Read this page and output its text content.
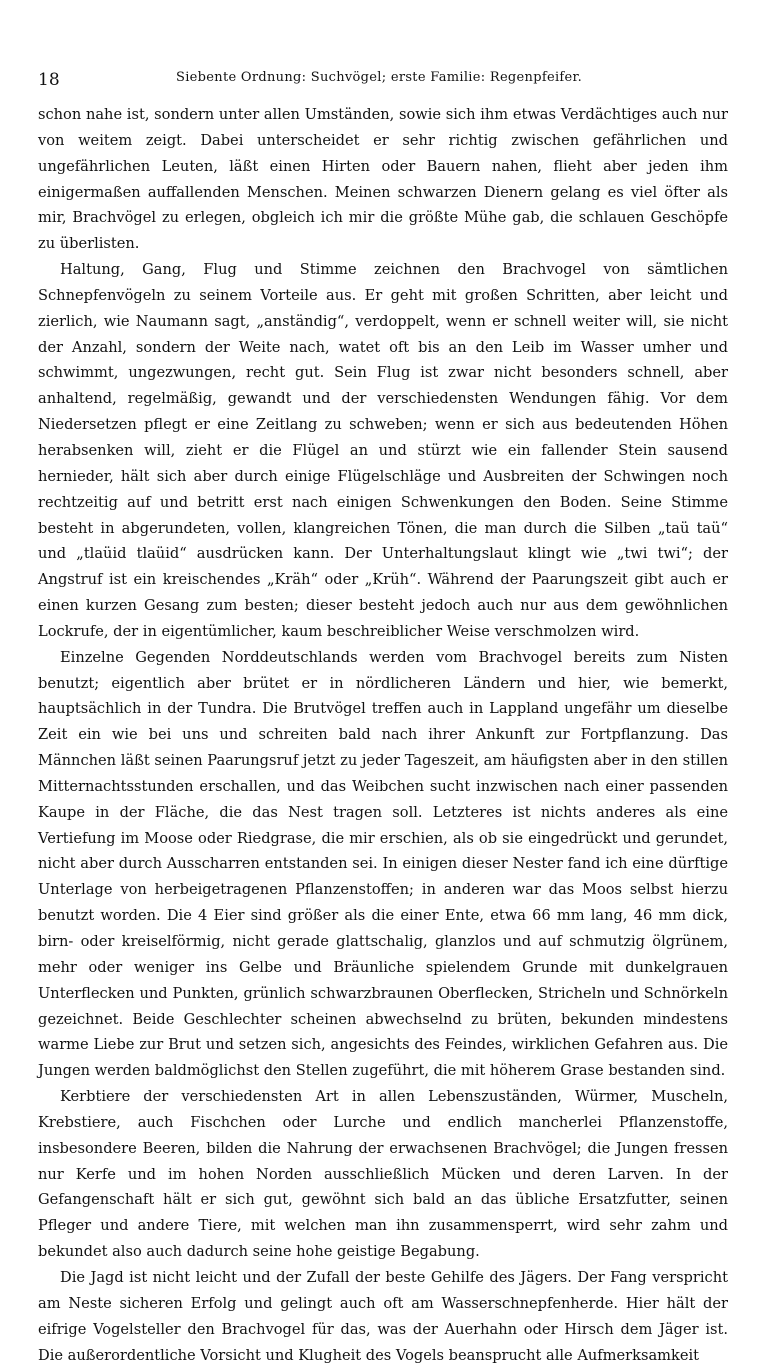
18	Siebente Ordnung: Suchvögel; erste Familie: Regenpfeifer.

schon nahe ist, sondern unter allen Umständen, sowie sich ihm etwas Verdächtiges auch nur von weitem zeigt. Dabei unterscheidet er sehr richtig zwischen gefährlichen und ungefährlichen Leuten, läßt einen Hirten oder Bauern nahen, flieht aber jeden ihm einigermaßen auffallenden Menschen. Meinen schwarzen Dienern gelang es viel öfter als mir, Brachvögel zu erlegen, obgleich ich mir die größte Mühe gab, die schlauen Geschöpfe zu überlisten.

Haltung, Gang, Flug und Stimme zeichnen den Brachvogel von sämtlichen Schnepfenvögeln zu seinem Vorteile aus. Er geht mit großen Schritten, aber leicht und zierlich, wie Naumann sagt, „anständig“, verdoppelt, wenn er schnell weiter will, sie nicht der Anzahl, sondern der Weite nach, watet oft bis an den Leib im Wasser umher und schwimmt, ungezwungen, recht gut. Sein Flug ist zwar nicht besonders schnell, aber anhaltend, regelmäßig, gewandt und der verschiedensten Wendungen fähig. Vor dem Niedersetzen pflegt er eine Zeitlang zu schweben; wenn er sich aus bedeutenden Höhen herabsenken will, zieht er die Flügel an und stürzt wie ein fallender Stein sausend hernieder, hält sich aber durch einige Flügelschläge und Ausbreiten der Schwingen noch rechtzeitig auf und betritt erst nach einigen Schwenkungen den Boden. Seine Stimme besteht in abgerundeten, vollen, klangreichen Tönen, die man durch die Silben „taü taü“ und „tlaüid tlaüid“ ausdrücken kann. Der Unterhaltungslaut klingt wie „twi twi“; der Angstruf ist ein kreischendes „Kräh“ oder „Krüh“. Während der Paarungszeit gibt auch er einen kurzen Gesang zum besten; dieser besteht jedoch auch nur aus dem gewöhnlichen Lockrufe, der in eigentümlicher, kaum beschreiblicher Weise verschmolzen wird.

Einzelne Gegenden Norddeutschlands werden vom Brachvogel bereits zum Nisten benutzt; eigentlich aber brütet er in nördlicheren Ländern und hier, wie bemerkt, hauptsächlich in der Tundra. Die Brutvögel treffen auch in Lappland ungefähr um dieselbe Zeit ein wie bei uns und schreiten bald nach ihrer Ankunft zur Fortpflanzung. Das Männchen läßt seinen Paarungsruf jetzt zu jeder Tageszeit, am häufigsten aber in den stillen Mitternachtsstunden erschallen, und das Weibchen sucht inzwischen nach einer passenden Kaupe in der Fläche, die das Nest tragen soll. Letzteres ist nichts anderes als eine Vertiefung im Moose oder Riedgrase, die mir erschien, als ob sie eingedrückt und gerundet, nicht aber durch Ausscharren entstanden sei. In einigen dieser Nester fand ich eine dürftige Unterlage von herbeigetragenen Pflanzenstoffen; in anderen war das Moos selbst hierzu benutzt worden. Die 4 Eier sind größer als die einer Ente, etwa 66 mm lang, 46 mm dick, birn- oder kreiselförmig, nicht gerade glattschalig, glanzlos und auf schmutzig ölgrünem, mehr oder weniger ins Gelbe und Bräunliche spielendem Grunde mit dunkelgrauen Unterflecken und Punkten, grünlich schwarzbraunen Oberflecken, Stricheln und Schnörkeln gezeichnet. Beide Geschlechter scheinen abwechselnd zu brüten, bekunden mindestens warme Liebe zur Brut und setzen sich, angesichts des Feindes, wirklichen Gefahren aus. Die Jungen werden baldmöglichst den Stellen zugeführt, die mit höherem Grase bestanden sind.

Kerbtiere der verschiedensten Art in allen Lebenszuständen, Würmer, Muscheln, Krebstiere, auch Fischchen oder Lurche und endlich mancherlei Pflanzenstoffe, insbesondere Beeren, bilden die Nahrung der erwachsenen Brachvögel; die Jungen fressen nur Kerfe und im hohen Norden ausschließlich Mücken und deren Larven. In der Gefangenschaft hält er sich gut, gewöhnt sich bald an das übliche Ersatzfutter, seinen Pfleger und andere Tiere, mit welchen man ihn zusammensperrt, wird sehr zahm und bekundet also auch dadurch seine hohe geistige Begabung.

Die Jagd ist nicht leicht und der Zufall der beste Gehilfe des Jägers. Der Fang verspricht am Neste sicheren Erfolg und gelingt auch oft am Wasserschnepfenherde. Hier hält der eifrige Vogelsteller den Brachvogel für das, was der Auerhahn oder Hirsch dem Jäger ist. Die außerordentliche Vorsicht und Klugheit des Vogels beansprucht alle Aufmerksamkeit
